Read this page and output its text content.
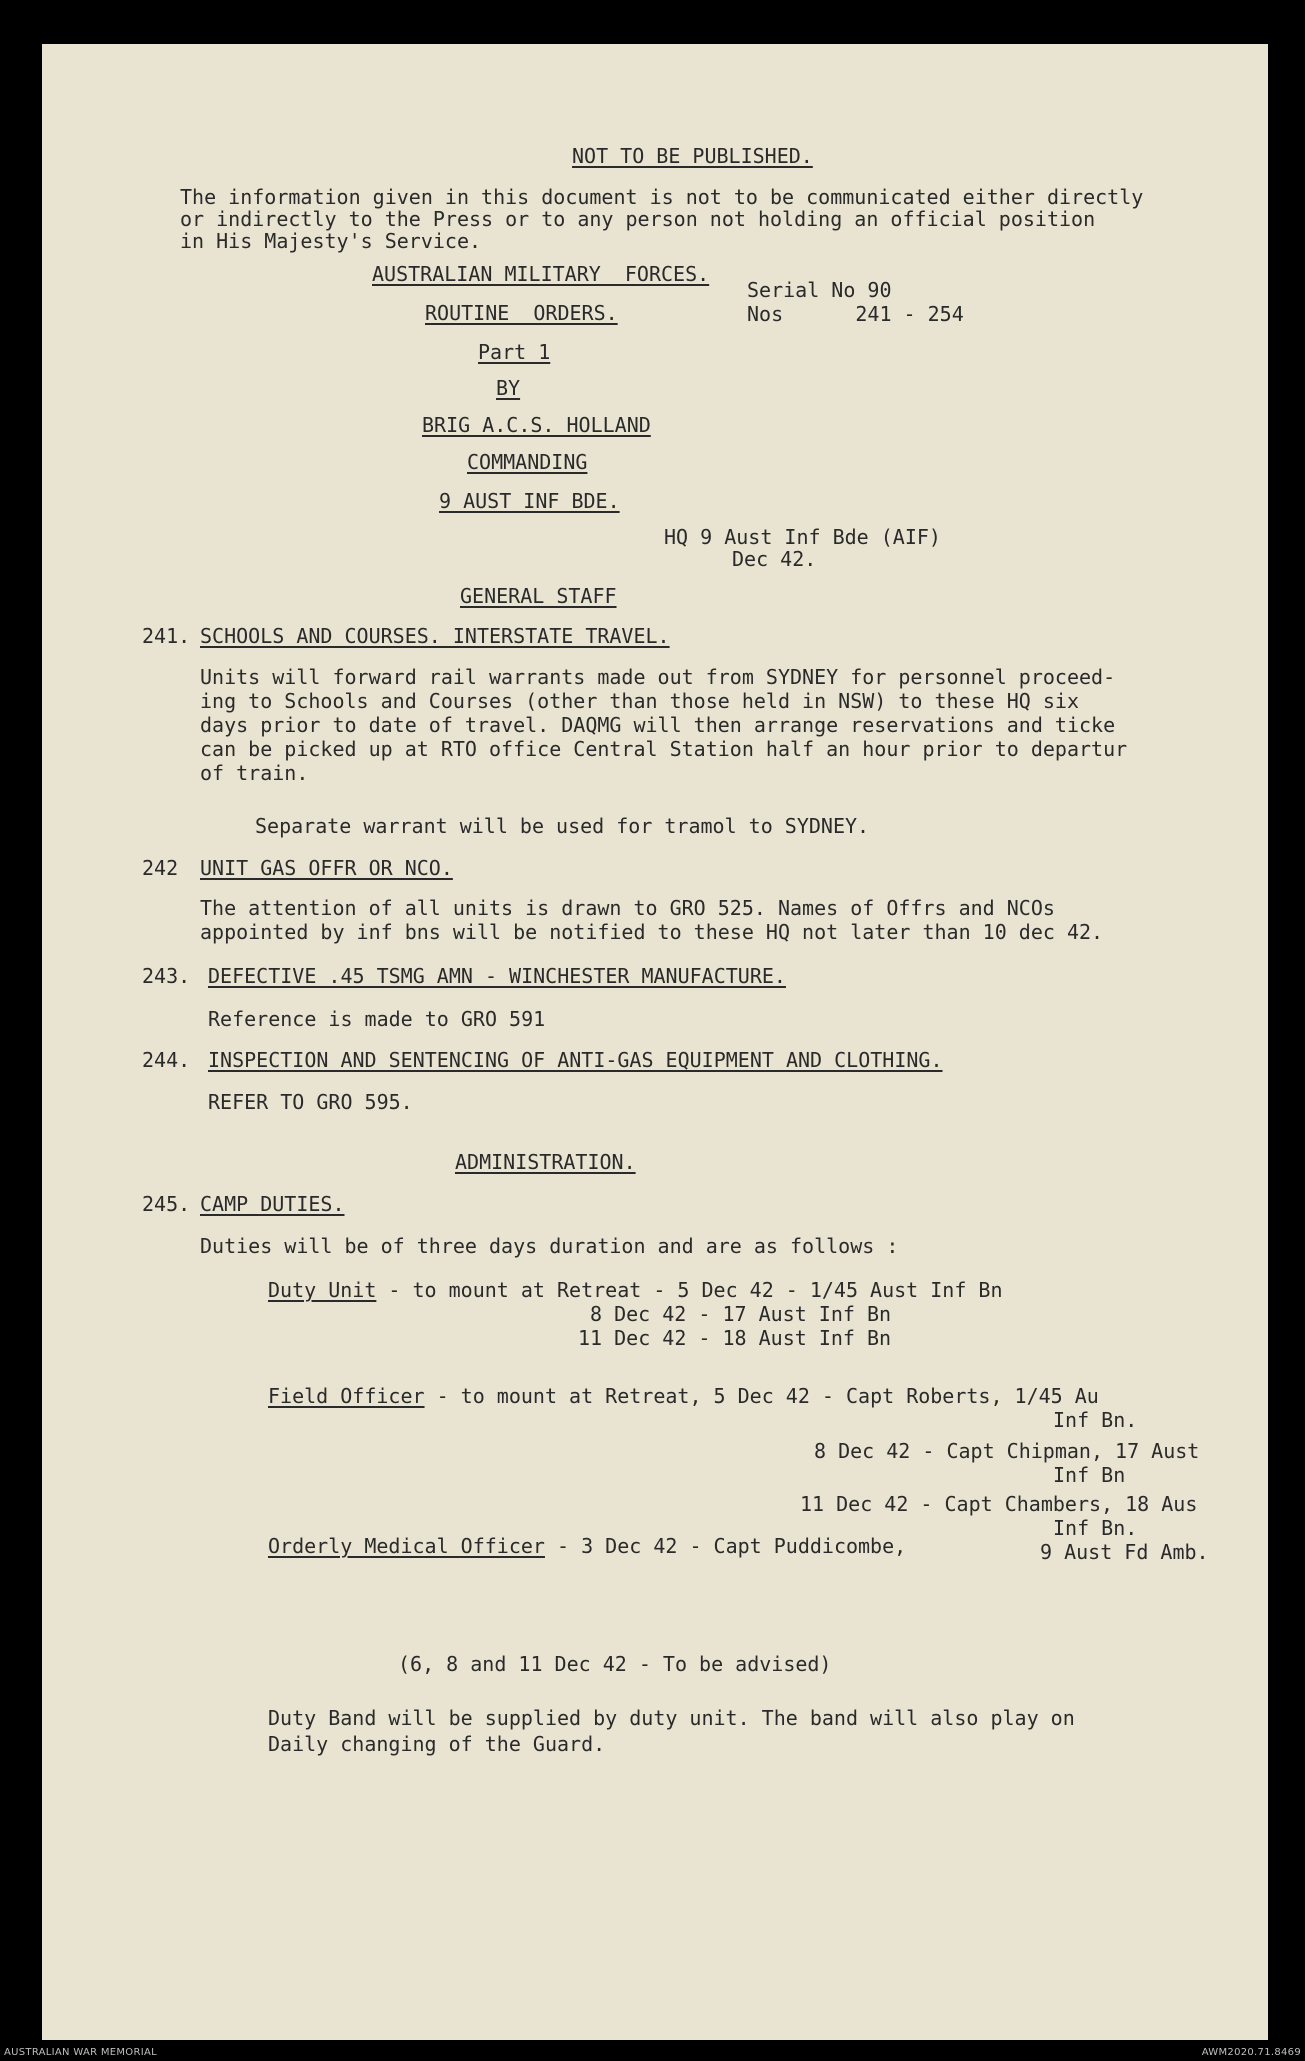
NOT TO BE PUBLISHED.
The information given in this document is not to be communicated either directly
or indirectly to the Press or to any person not holding an official position
in His Majesty's Service.
AUSTRALIAN MILITARY  FORCES.
Serial No 90
Nos      241 - 254
ROUTINE  ORDERS.
Part 1
BY
BRIG A.C.S. HOLLAND
COMMANDING
9 AUST INF BDE.
HQ 9 Aust Inf Bde (AIF)
Dec 42.
GENERAL STAFF
241. SCHOOLS AND COURSES. INTERSTATE TRAVEL.
Units will forward rail warrants made out from SYDNEY for personnel proceed-
ing to Schools and Courses (other than those held in NSW) to these HQ six
days prior to date of travel. DAQMG will then arrange reservations and ticke
can be picked up at RTO office Central Station half an hour prior to departur
of train.
Separate warrant will be used for tramol to SYDNEY.
242 UNIT GAS OFFR OR NCO.
The attention of all units is drawn to GRO 525. Names of Offrs and NCOs
appointed by inf bns will be notified to these HQ not later than 10 dec 42.
243. DEFECTIVE .45 TSMG AMN - WINCHESTER MANUFACTURE.
Reference is made to GRO 591
244. INSPECTION AND SENTENCING OF ANTI-GAS EQUIPMENT AND CLOTHING.
REFER TO GRO 595.
ADMINISTRATION.
245. CAMP DUTIES.
Duties will be of three days duration and are as follows :
Duty Unit - to mount at Retreat - 5 Dec 42 - 1/45 Aust Inf Bn
8 Dec 42 - 17 Aust Inf Bn
11 Dec 42 - 18 Aust Inf Bn
Field Officer - to mount at Retreat, 5 Dec 42 - Capt Roberts, 1/45 Au
Inf Bn.
8 Dec 42 - Capt Chipman, 17 Aust
Inf Bn
11 Dec 42 - Capt Chambers, 18 Aus
Inf Bn.
Orderly Medical Officer - 3 Dec 42 - Capt Puddicombe,	9 Aust Fd Amb.
(6, 8 and 11 Dec 42 - To be advised)
Duty Band will be supplied by duty unit. The band will also play on
Daily changing of the Guard.
AUSTRALIAN WAR MEMORIAL	AWM2020.71.8469
